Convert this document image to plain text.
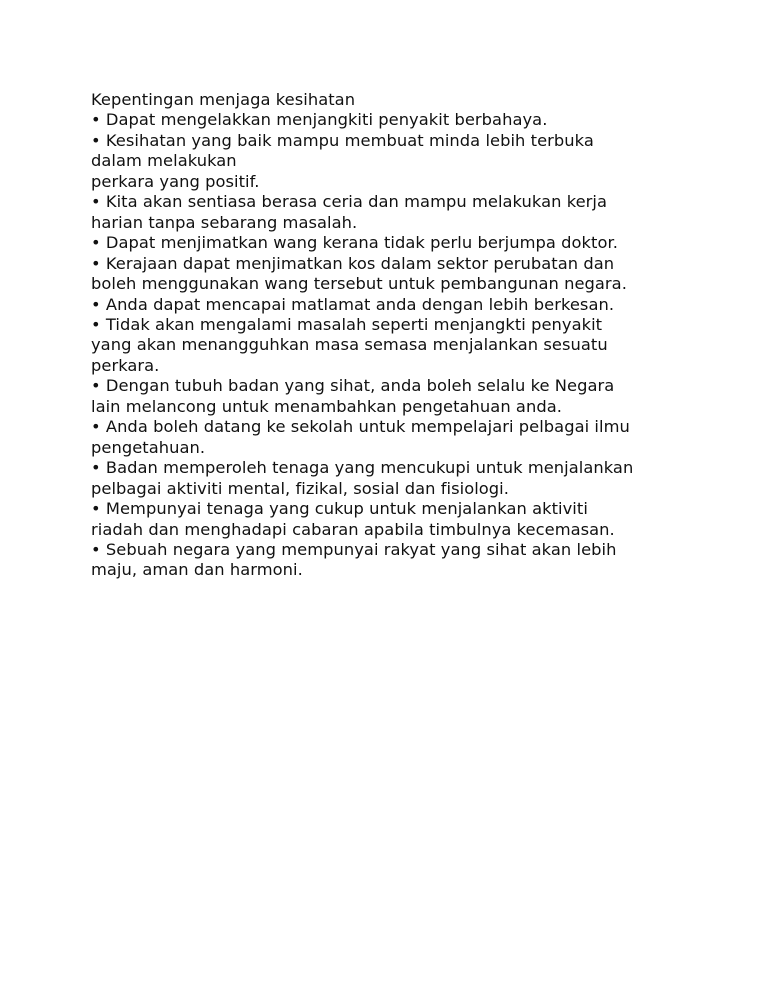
Kepentingan menjaga kesihatan
• Dapat mengelakkan menjangkiti penyakit berbahaya.
• Kesihatan yang baik mampu membuat minda lebih terbuka
dalam melakukan
perkara yang positif.
• Kita akan sentiasa berasa ceria dan mampu melakukan kerja
harian tanpa sebarang masalah.
• Dapat menjimatkan wang kerana tidak perlu berjumpa doktor.
• Kerajaan dapat menjimatkan kos dalam sektor perubatan dan
boleh menggunakan wang tersebut untuk pembangunan negara.
• Anda dapat mencapai matlamat anda dengan lebih berkesan.
• Tidak akan mengalami masalah seperti menjangkti penyakit
yang akan menangguhkan masa semasa menjalankan sesuatu
perkara.
• Dengan tubuh badan yang sihat, anda boleh selalu ke Negara
lain melancong untuk menambahkan pengetahuan anda.
• Anda boleh datang ke sekolah untuk mempelajari pelbagai ilmu
pengetahuan.
• Badan memperoleh tenaga yang mencukupi untuk menjalankan
pelbagai aktiviti mental, fizikal, sosial dan fisiologi.
• Mempunyai tenaga yang cukup untuk menjalankan aktiviti
riadah dan menghadapi cabaran apabila timbulnya kecemasan.
• Sebuah negara yang mempunyai rakyat yang sihat akan lebih
maju, aman dan harmoni.
